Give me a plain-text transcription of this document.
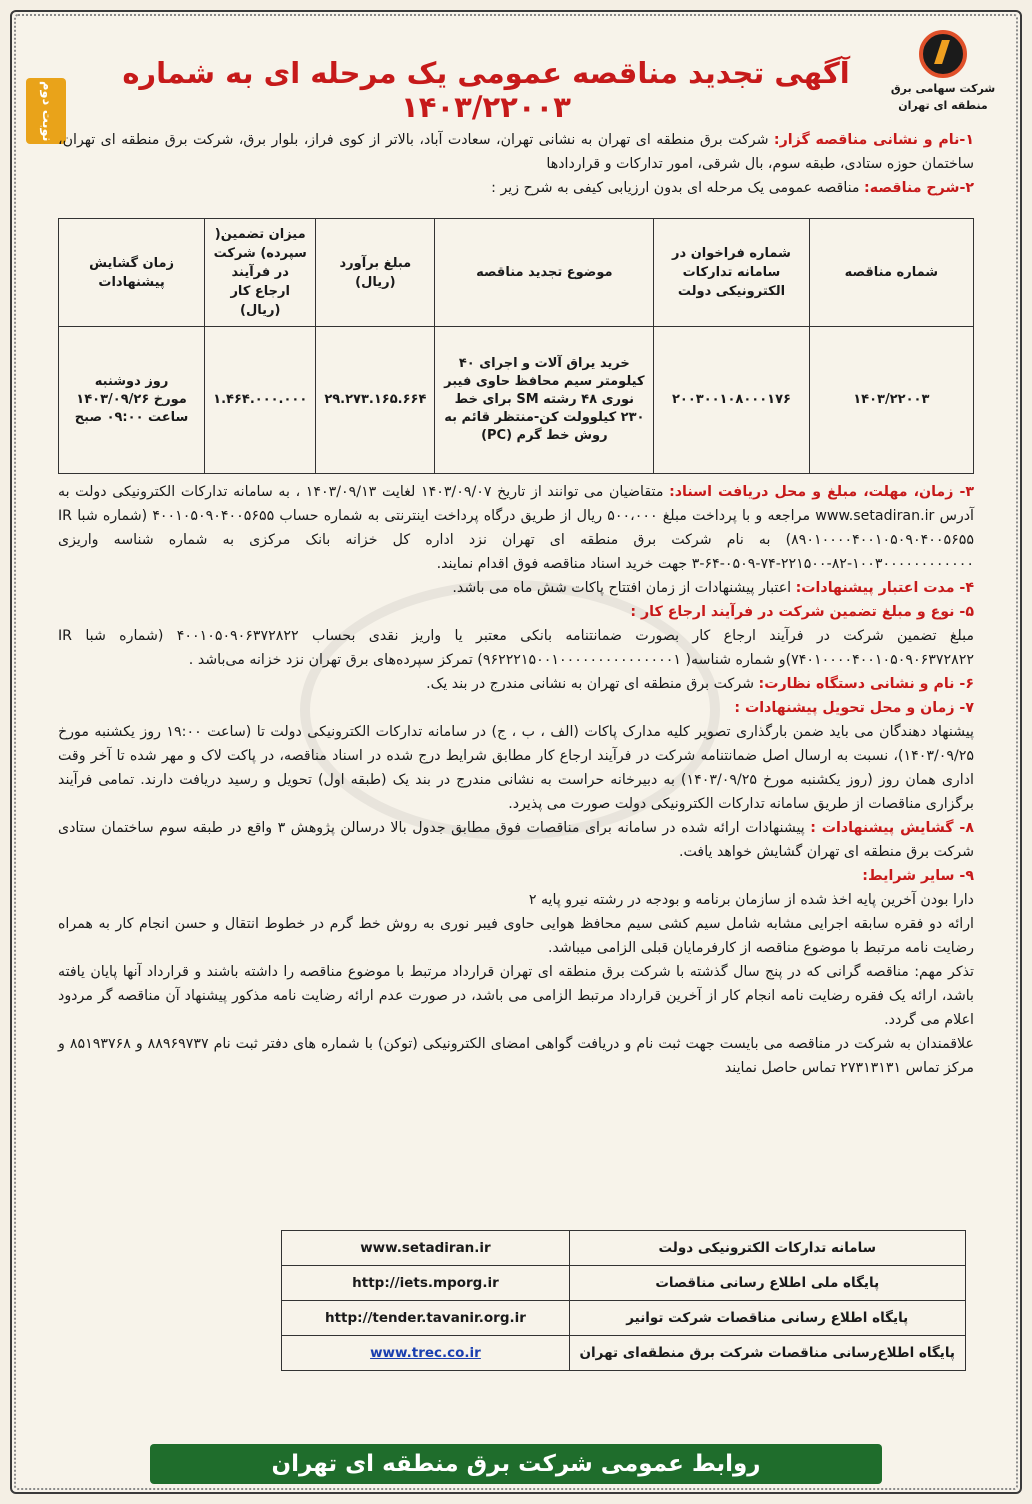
شرکت سهامی برق
منطقه ای تهران
آگهی تجدید مناقصه عمومی یک مرحله ای به شماره ۱۴۰۳/۲۲۰۰۳
نوبت دوم	۱-نام و نشانی مناقصه گزار: شرکت برق منطقه ای تهران به نشانی تهران، سعادت آباد، بالاتر از کوی فراز، بلوار برق، شرکت برق منطقه ای تهران، ساختمان حوزه ستادی، طبقه سوم، بال شرقی، امور تدارکات و قراردادها

۲-شرح مناقصه: مناقصه عمومی یک مرحله ای بدون ارزیابی کیفی به شرح زیر :

شماره مناقصه	شماره فراخوان در سامانه تدارکات الکترونیکی دولت	موضوع تجدید مناقصه	مبلغ برآورد (ریال)	میزان تضمین( سپرده) شرکت در فرآیند ارجاع کار (ریال)	زمان گشایش پیشنهادات
۱۴۰۳/۲۲۰۰۳	۲۰۰۳۰۰۱۰۸۰۰۰۱۷۶	خرید یراق آلات و اجرای ۴۰ کیلومتر سیم محافظ حاوی فیبر نوری ۴۸ رشته SM برای خط ۲۳۰ کیلوولت کن-منتظر قائم به روش خط گرم (PC)	۲۹.۲۷۳.۱۶۵.۶۶۴	۱.۴۶۴.۰۰۰.۰۰۰	روز دوشنبه
مورخ ۱۴۰۳/۰۹/۲۶
ساعت ۰۹:۰۰ صبح

۳- زمان، مهلت، مبلغ و محل دریافت اسناد: متقاضیان می توانند از تاریخ ۱۴۰۳/۰۹/۰۷ لغایت ۱۴۰۳/۰۹/۱۳ ، به سامانه تدارکات الکترونیکی دولت به آدرس www.setadiran.ir مراجعه و با پرداخت مبلغ ۵۰۰،۰۰۰ ریال از طریق درگاه پرداخت اینترنتی به شماره حساب ۴۰۰۱۰۵۰۹۰۴۰۰۵۶۵۵ (شماره شبا IR ۸۹۰۱۰۰۰۰۴۰۰۱۰۵۰۹۰۴۰۰۵۶۵۵) به نام شرکت برق منطقه ای تهران نزد اداره کل خزانه بانک مرکزی به شماره شناسه واریزی ۱۰۰۳۰۰۰۰۰۰۰۰۰۰۰۰-۸۲-۲۲۱۵۰۰-۷۴-۰۵۰۹-۶۴-۳ جهت خرید اسناد مناقصه فوق اقدام نمایند.

۴- مدت اعتبار پیشنهادات: اعتبار پیشنهادات از زمان افتتاح پاکات شش ماه می باشد.

۵- نوع و مبلغ تضمین شرکت در فرآیند ارجاع کار :
مبلغ تضمین شرکت در فرآیند ارجاع کار بصورت ضمانتنامه بانکی معتبر یا واریز نقدی بحساب ۴۰۰۱۰۵۰۹۰۶۳۷۲۸۲۲ (شماره شبا IR ۷۴۰۱۰۰۰۰۴۰۰۱۰۵۰۹۰۶۳۷۲۸۲۲)و شماره شناسه( ۹۶۲۲۲۱۵۰۰۱۰۰۰۰۰۰۰۰۰۰۰۰۰۰۰۱) تمرکز سپرده‌های برق تهران نزد خزانه می‌باشد .

۶- نام و نشانی دستگاه نظارت: شرکت برق منطقه ای تهران به نشانی مندرج در بند یک.

۷- زمان و محل تحویل پیشنهادات :
پیشنهاد دهندگان می باید ضمن بارگذاری تصویر کلیه مدارک پاکات (الف ، ب ، ج) در سامانه تدارکات الکترونیکی دولت تا (ساعت ۱۹:۰۰ روز یکشنبه مورخ ۱۴۰۳/۰۹/۲۵)، نسبت به ارسال اصل ضمانتنامه شرکت در فرآیند ارجاع کار مطابق شرایط درج شده در اسناد مناقصه، در پاکت لاک و مهر شده تا آخر وقت اداری همان روز (روز یکشنبه مورخ ۱۴۰۳/۰۹/۲۵) به دبیرخانه حراست به نشانی مندرج در بند یک (طبقه اول) تحویل و رسید دریافت دارند. تمامی فرآیند برگزاری مناقصات از طریق سامانه تدارکات الکترونیکی دولت صورت می پذیرد.

۸- گشایش پیشنهادات : پیشنهادات ارائه شده در سامانه برای مناقصات فوق مطابق جدول بالا درسالن پژوهش ۳ واقع در طبقه سوم ساختمان ستادی شرکت برق منطقه ای تهران گشایش خواهد یافت.

۹- سایر شرایط:

دارا بودن آخرین پایه اخذ شده از سازمان برنامه و بودجه در رشته نیرو پایه ۲

ارائه دو فقره سابقه اجرایی مشابه شامل سیم کشی سیم محافظ هوایی حاوی فیبر نوری به روش خط گرم در خطوط انتقال و حسن انجام کار به همراه رضایت نامه مرتبط با موضوع مناقصه از کارفرمایان قبلی الزامی میباشد.

تذکر مهم: مناقصه گرانی که در پنج سال گذشته با شرکت برق منطقه ای تهران قرارداد مرتبط با موضوع مناقصه را داشته باشند و قرارداد آنها پایان یافته باشد، ارائه یک فقره رضایت نامه انجام کار از آخرین قرارداد مرتبط الزامی می باشد، در صورت عدم ارائه رضایت نامه مذکور پیشنهاد آن مناقصه گر مردود اعلام می گردد.

علاقمندان به شرکت در مناقصه می بایست جهت ثبت نام و دریافت گواهی امضای الکترونیکی (توکن) با شماره های دفتر ثبت نام ۸۸۹۶۹۷۳۷ و ۸۵۱۹۳۷۶۸ و مرکز تماس ۲۷۳۱۳۱۳۱ تماس حاصل نمایند

سامانه تدارکات الکترونیکی دولت	www.setadiran.ir
پایگاه ملی اطلاع رسانی مناقصات	http://iets.mporg.ir
پایگاه اطلاع رسانی مناقصات شرکت توانیر	http://tender.tavanir.org.ir
پایگاه اطلاع‌رسانی مناقصات شرکت برق منطقه‌ای تهران	www.trec.co.ir
روابط عمومی شرکت برق منطقه ای تهران
